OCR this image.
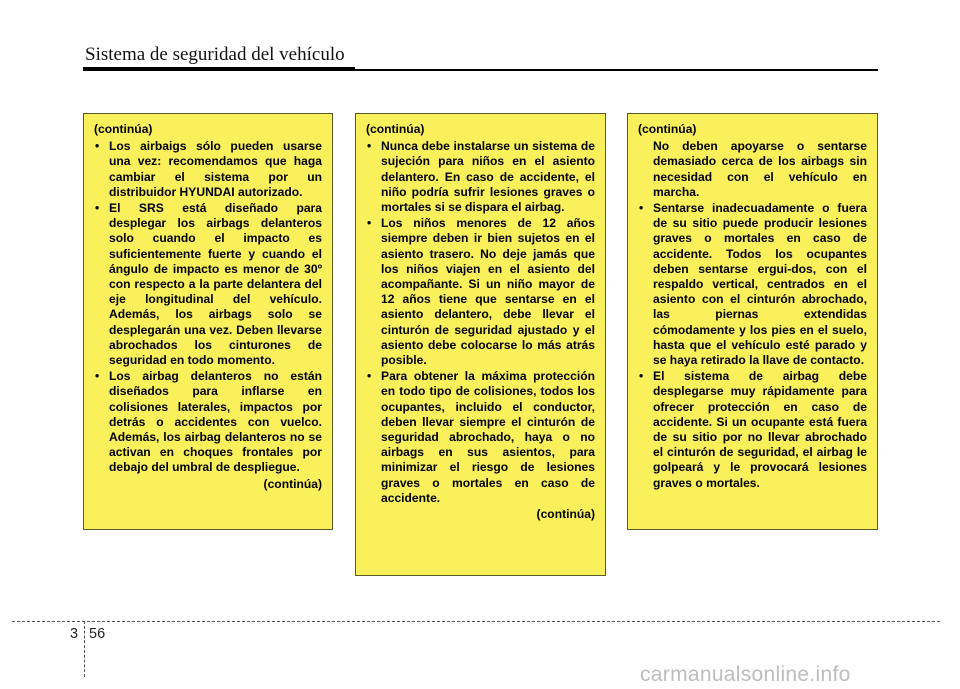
Sistema de seguridad del vehículo
(continúa)
• Los airbaigs sólo pueden usarse una vez: recomendamos que haga cambiar el sistema por un distribuidor HYUNDAI autorizado.
• El SRS está diseñado para desplegar los airbags delanteros solo cuando el impacto es suficientemente fuerte y cuando el ángulo de impacto es menor de 30º con respecto a la parte delantera del eje longitudinal del vehículo. Además, los airbags solo se desplegarán una vez. Deben llevarse abrochados los cinturones de seguridad en todo momento.
• Los airbag delanteros no están diseñados para inflarse en colisiones laterales, impactos por detrás o accidentes con vuelco. Además, los airbag delanteros no se activan en choques frontales por debajo del umbral de despliegue.
(continúa)
(continúa)
• Nunca debe instalarse un sistema de sujeción para niños en el asiento delantero. En caso de accidente, el niño podría sufrir lesiones graves o mortales si se dispara el airbag.
• Los niños menores de 12 años siempre deben ir bien sujetos en el asiento trasero. No deje jamás que los niños viajen en el asiento del acompañante. Si un niño mayor de 12 años tiene que sentarse en el asiento delantero, debe llevar el cinturón de seguridad ajustado y el asiento debe colocarse lo más atrás posible.
• Para obtener la máxima protección en todo tipo de colisiones, todos los ocupantes, incluido el conductor, deben llevar siempre el cinturón de seguridad abrochado, haya o no airbags en sus asientos, para minimizar el riesgo de lesiones graves o mortales en caso de accidente.
(continúa)
(continúa)
No deben apoyarse o sentarse demasiado cerca de los airbags sin necesidad con el vehículo en marcha.
• Sentarse inadecuadamente o fuera de su sitio puede producir lesiones graves o mortales en caso de accidente. Todos los ocupantes deben sentarse ergui-dos, con el respaldo vertical, centrados en el asiento con el cinturón abrochado, las piernas extendidas cómodamente y los pies en el suelo, hasta que el vehículo esté parado y se haya retirado la llave de contacto.
• El sistema de airbag debe desplegarse muy rápidamente para ofrecer protección en caso de accidente. Si un ocupante está fuera de su sitio por no llevar abrochado el cinturón de seguridad, el airbag le golpeará y le provocará lesiones graves o mortales.
3 56
carmanualsonline.info
